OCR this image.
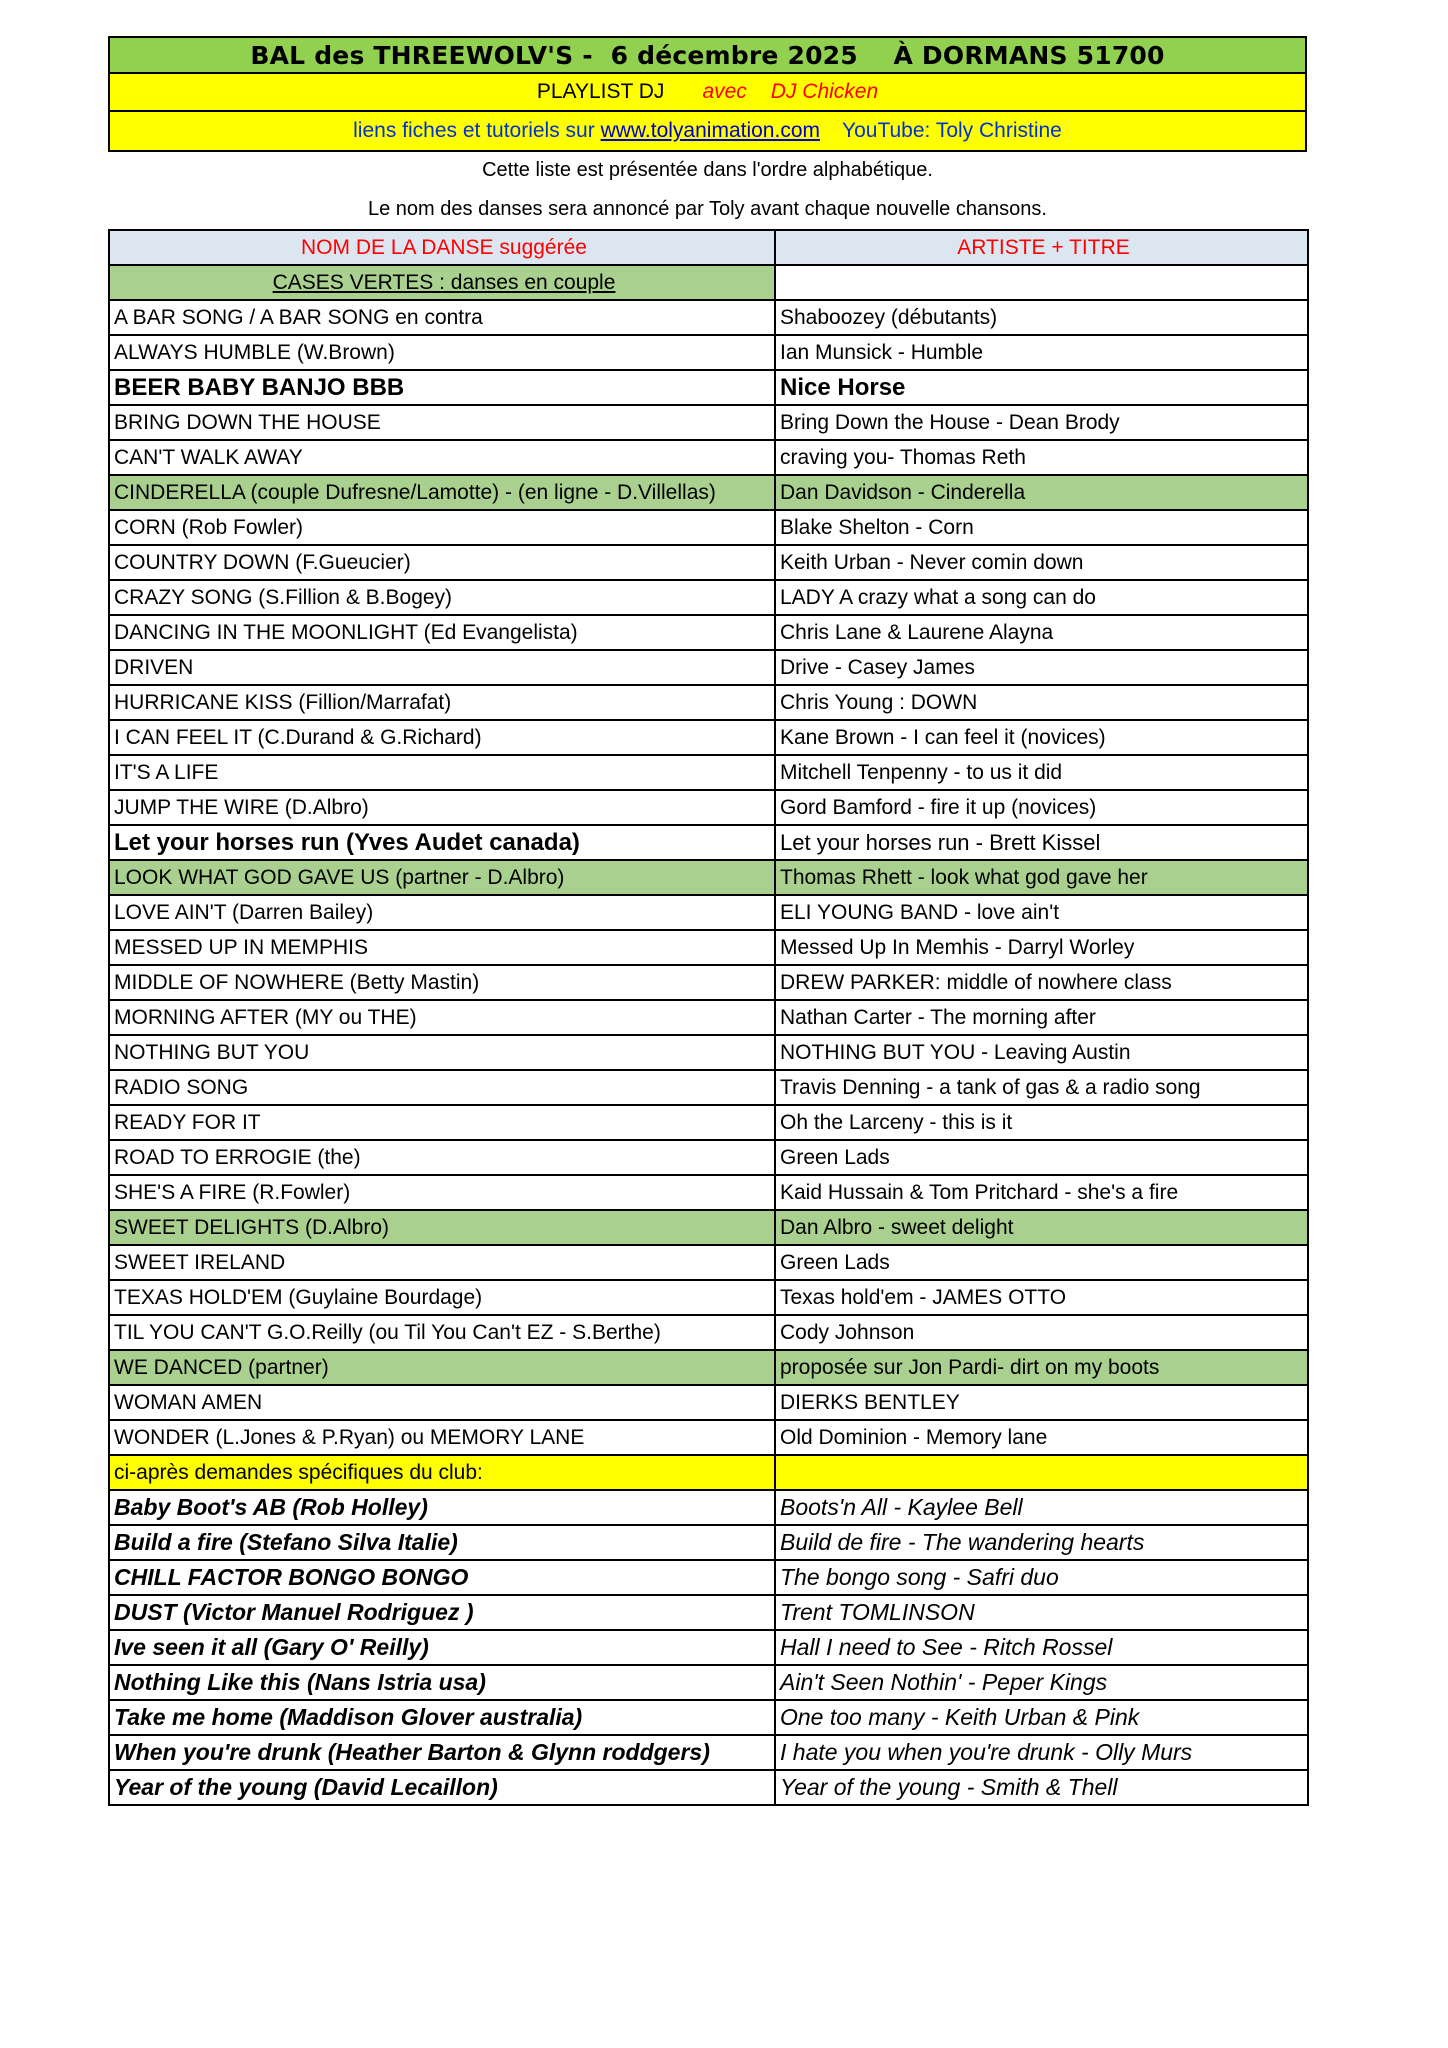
BAL des THREEWOLV'S -  6 décembre 2025    À DORMANS 51700
PLAYLIST DJ avec DJ Chicken
liens fiches et tutoriels sur
www.tolyanimation.com YouTube: Toly Christine
Cette liste est présentée dans l'ordre alphabétique.
Le nom des danses sera annoncé par Toly avant chaque nouvelle chansons.
NOM DE LA DANSE suggérée	ARTISTE + TITRE
CASES VERTES : danses en couple	
A BAR SONG / A BAR SONG en contra	Shaboozey (débutants)
ALWAYS HUMBLE (W.Brown)	Ian Munsick - Humble
BEER BABY BANJO BBB	Nice Horse
BRING DOWN THE HOUSE	Bring Down the House - Dean Brody
CAN'T WALK AWAY	craving you- Thomas Reth
CINDERELLA (couple Dufresne/Lamotte) - (en ligne - D.Villellas)	Dan Davidson - Cinderella
CORN (Rob Fowler)	Blake Shelton - Corn
COUNTRY DOWN (F.Gueucier)	Keith Urban - Never comin down
CRAZY SONG (S.Fillion & B.Bogey)	LADY A crazy what a song can do
DANCING IN THE MOONLIGHT (Ed Evangelista)	Chris Lane & Laurene Alayna
DRIVEN	Drive - Casey James
HURRICANE KISS (Fillion/Marrafat)	Chris Young : DOWN
I CAN FEEL IT (C.Durand & G.Richard)	Kane Brown - I can feel it (novices)
IT'S A LIFE	Mitchell Tenpenny - to us it did
JUMP THE WIRE (D.Albro)	Gord Bamford - fire it up (novices)
Let your horses run (Yves Audet canada)	Let your horses run - Brett Kissel
LOOK WHAT GOD GAVE US (partner - D.Albro)	Thomas Rhett - look what god gave her
LOVE AIN'T (Darren Bailey)	ELI YOUNG BAND - love ain't
MESSED UP IN MEMPHIS	Messed Up In Memhis - Darryl Worley
MIDDLE OF NOWHERE (Betty Mastin)	DREW PARKER: middle of nowhere class
MORNING AFTER (MY ou THE)	Nathan Carter - The morning after
NOTHING BUT YOU	NOTHING BUT YOU - Leaving Austin
RADIO SONG	Travis Denning - a tank of gas & a radio song
READY FOR IT	Oh the Larceny - this is it
ROAD TO ERROGIE (the)	Green Lads
SHE'S A FIRE (R.Fowler)	Kaid Hussain & Tom Pritchard - she's a fire
SWEET DELIGHTS (D.Albro)	Dan Albro - sweet delight
SWEET IRELAND	Green Lads
TEXAS HOLD'EM (Guylaine Bourdage)	Texas hold'em - JAMES OTTO
TIL YOU CAN'T G.O.Reilly (ou Til You Can't EZ - S.Berthe)	Cody Johnson
WE DANCED (partner)	proposée sur Jon Pardi- dirt on my boots
WOMAN AMEN	DIERKS BENTLEY
WONDER (L.Jones & P.Ryan) ou MEMORY LANE	Old Dominion - Memory lane
ci-après demandes spécifiques du club:	
Baby Boot's AB (Rob Holley)	Boots'n All - Kaylee Bell
Build a fire (Stefano Silva Italie)	Build de fire - The wandering hearts
CHILL FACTOR BONGO BONGO	The bongo song - Safri duo
DUST (Victor Manuel Rodriguez )	Trent TOMLINSON
Ive seen it all (Gary O' Reilly)	Hall I need to See - Ritch Rossel
Nothing Like this (Nans Istria usa)	Ain't Seen Nothin' - Peper Kings
Take me home (Maddison Glover australia)	One too many - Keith Urban & Pink
When you're drunk (Heather Barton & Glynn roddgers)	I hate you when you're drunk - Olly Murs
Year of the young (David Lecaillon)	Year of the young - Smith & Thell
